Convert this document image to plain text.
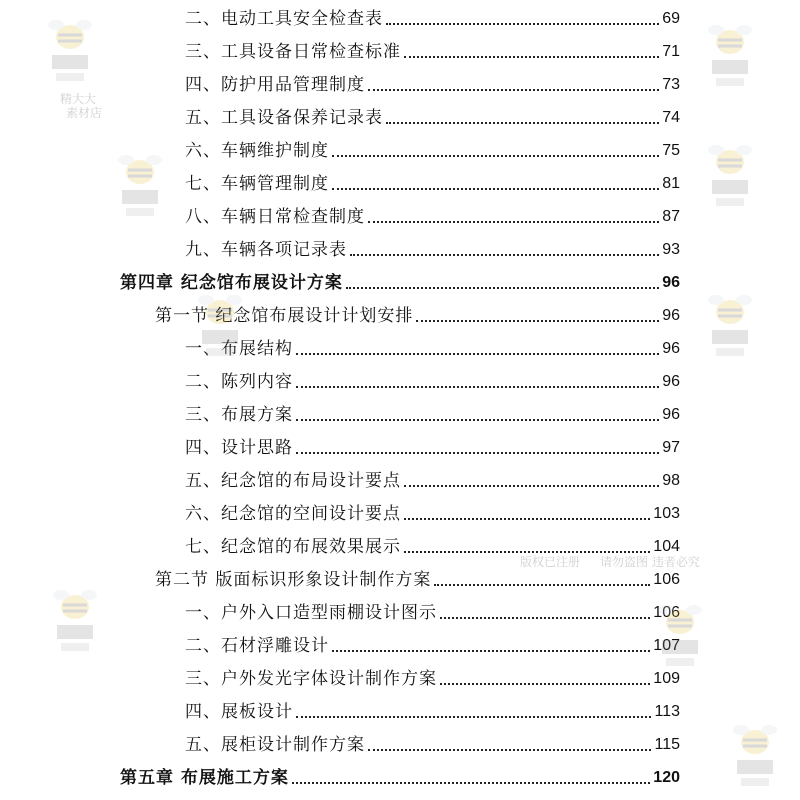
二、电动工具安全检查表	69
三、工具设备日常检查标准	71
四、防护用品管理制度	73
五、工具设备保养记录表	74
六、车辆维护制度	75
七、车辆管理制度	81
八、车辆日常检查制度	87
九、车辆各项记录表	93
第四章 纪念馆布展设计方案	96
第一节 纪念馆布展设计计划安排	96
一、布展结构	96
二、陈列内容	96
三、布展方案	96
四、设计思路	97
五、纪念馆的布局设计要点	98
六、纪念馆的空间设计要点	103
七、纪念馆的布展效果展示	104
第二节 版面标识形象设计制作方案	106
一、户外入口造型雨棚设计图示	106
二、石材浮雕设计	107
三、户外发光字体设计制作方案	109
四、展板设计	113
五、展柜设计制作方案	115
第五章 布展施工方案	120
版权已注册 请勿盗图 违者必究
精大大
素材店
